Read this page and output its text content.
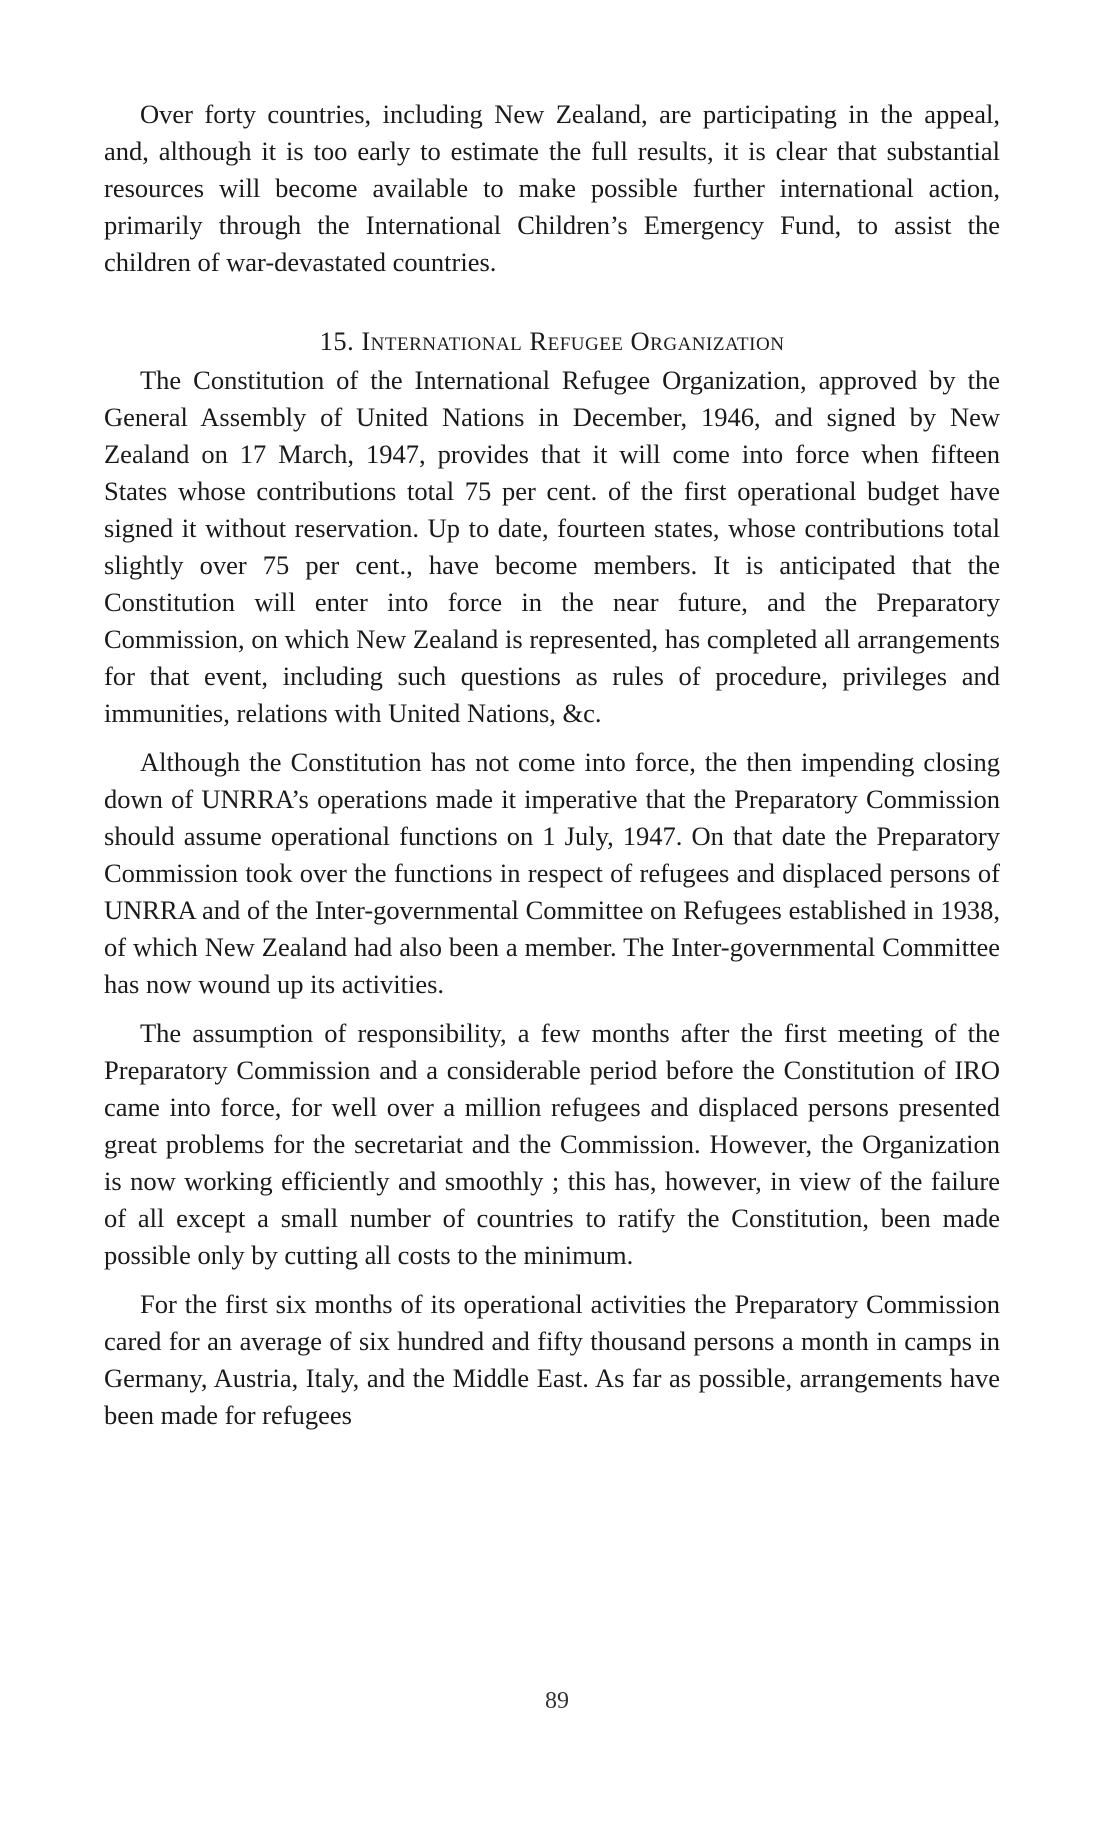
Over forty countries, including New Zealand, are participating in the appeal, and, although it is too early to estimate the full results, it is clear that substantial resources will become available to make possible further international action, primarily through the International Children’s Emergency Fund, to assist the children of war-devastated countries.

15. International Refugee Organization

The Constitution of the International Refugee Organization, approved by the General Assembly of United Nations in December, 1946, and signed by New Zealand on 17 March, 1947, provides that it will come into force when fifteen States whose contributions total 75 per cent. of the first operational budget have signed it without reservation. Up to date, fourteen states, whose contributions total slightly over 75 per cent., have become members. It is anticipated that the Constitution will enter into force in the near future, and the Preparatory Commission, on which New Zealand is represented, has completed all arrangements for that event, including such questions as rules of procedure, privileges and immunities, relations with United Nations, &c.

Although the Constitution has not come into force, the then impending closing down of UNRRA’s operations made it imperative that the Preparatory Commission should assume operational functions on 1 July, 1947. On that date the Preparatory Commission took over the functions in respect of refugees and displaced persons of UNRRA and of the Inter-governmental Committee on Refugees established in 1938, of which New Zealand had also been a member. The Inter-governmental Committee has now wound up its activities.

The assumption of responsibility, a few months after the first meeting of the Preparatory Commission and a considerable period before the Constitution of IRO came into force, for well over a million refugees and displaced persons presented great problems for the secretariat and the Commission. However, the Organization is now working efficiently and smoothly ; this has, however, in view of the failure of all except a small number of countries to ratify the Constitution, been made possible only by cutting all costs to the minimum.

For the first six months of its operational activities the Preparatory Commission cared for an average of six hundred and fifty thousand persons a month in camps in Germany, Austria, Italy, and the Middle East. As far as possible, arrangements have been made for refugees

89
